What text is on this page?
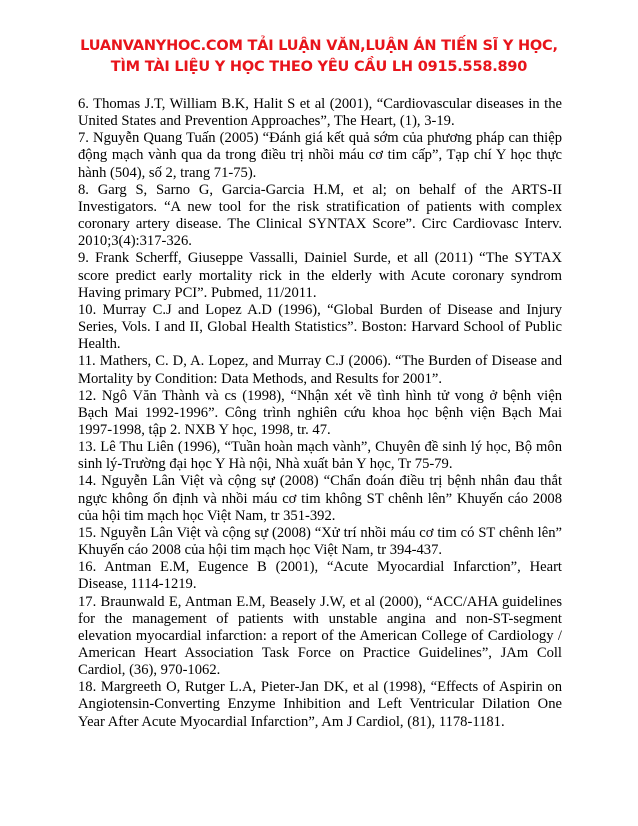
LUANVANYHOC.COM TẢI LUẬN VĂN,LUẬN ÁN TIẾN SĨ Y HỌC,
TÌM TÀI LIỆU Y HỌC THEO YÊU CẦU LH 0915.558.890

6. Thomas J.T, William B.K, Halit S et al (2001), “Cardiovascular diseases in the United States and Prevention Approaches”, The Heart, (1), 3-19.

7. Nguyễn Quang Tuấn (2005) “Đánh giá kết quả sớm của phương pháp can thiệp động mạch vành qua da trong điều trị nhồi máu cơ tim cấp”, Tạp chí Y học thực hành (504), số 2, trang 71-75).

8. Garg S, Sarno G, Garcia-Garcia H.M, et al; on behalf of the ARTS-II Investigators. “A new tool for the risk stratification of patients with complex coronary artery disease. The Clinical SYNTAX Score”. Circ Cardiovasc Interv. 2010;3(4):317-326.

9. Frank Scherff, Giuseppe Vassalli, Dainiel Surde, et all (2011) “The SYTAX score predict early mortality rick in the elderly with Acute coronary syndrom Having primary PCI”. Pubmed, 11/2011.

10. Murray C.J and Lopez A.D (1996), “Global Burden of Disease and Injury Series, Vols. I and II, Global Health Statistics”. Boston: Harvard School of Public Health.

11. Mathers, C. D, A. Lopez, and Murray C.J (2006). “The Burden of Disease and Mortality by Condition: Data Methods, and Results for 2001”.

12. Ngô Văn Thành và cs (1998), “Nhận xét về tình hình tử vong ở bệnh viện Bạch Mai 1992-1996”. Công trình nghiên cứu khoa học bệnh viện Bạch Mai 1997-1998, tập 2. NXB Y học, 1998, tr. 47.

13. Lê Thu Liên (1996), “Tuần hoàn mạch vành”, Chuyên đề sinh lý học, Bộ môn sinh lý-Trường đại học Y Hà nội, Nhà xuất bản Y học, Tr 75-79.

14. Nguyễn Lân Việt và cộng sự (2008) “Chẩn đoán điều trị bệnh nhân đau thắt ngực không ổn định và nhồi máu cơ tim không ST chênh lên” Khuyến cáo 2008 của hội tim mạch học Việt Nam, tr 351-392.

15. Nguyễn Lân Việt và cộng sự (2008) “Xử trí nhồi máu cơ tim có ST chênh lên” Khuyến cáo 2008 của hội tim mạch học Việt Nam, tr 394-437.

16. Antman E.M, Eugence B (2001), “Acute Myocardial Infarction”, Heart Disease, 1114-1219.

17. Braunwald E, Antman E.M, Beasely J.W, et al (2000), “ACC/AHA guidelines for the management of patients with unstable angina and non-ST-segment elevation myocardial infarction: a report of the American College of Cardiology / American Heart Association Task Force on Practice Guidelines”, JAm Coll Cardiol, (36), 970-1062.

18. Margreeth O, Rutger L.A, Pieter-Jan DK, et al (1998), “Effects of Aspirin on Angiotensin-Converting Enzyme Inhibition and Left Ventricular Dilation One Year After Acute Myocardial Infarction”, Am J Cardiol, (81), 1178-1181.
